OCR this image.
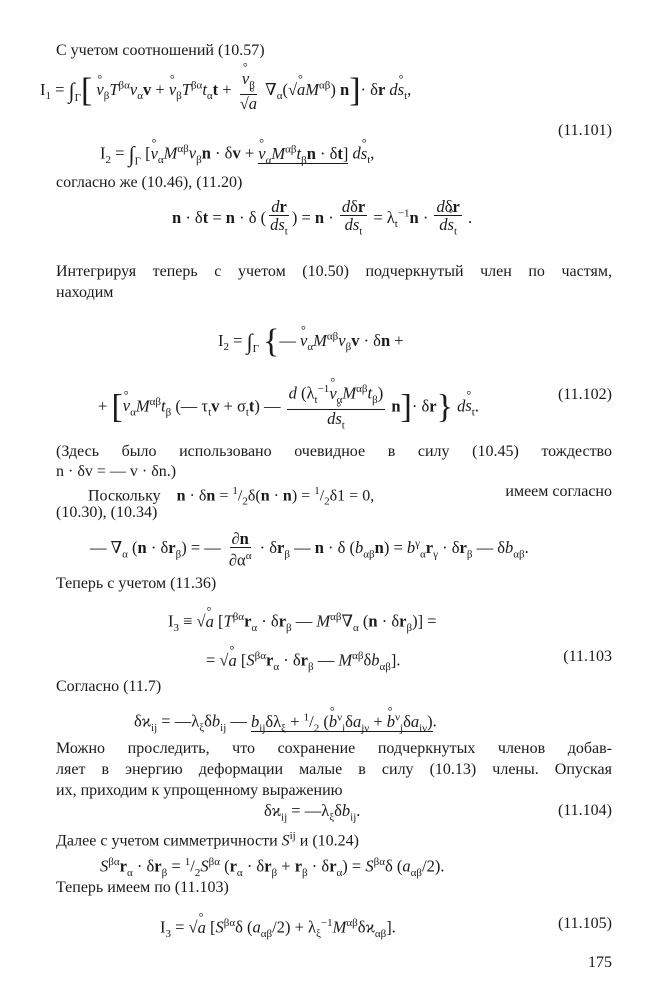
С учетом соотношений (10.57)
$I_1 = \int_\Gamma$[ ° $v_\beta T^{\beta\alpha}v_\alpha v$ + ° $v_\beta T^{\beta\alpha}t_\alpha t$ + ° $\frac{v_\beta}{√^\circ a} \nabla_\alpha(√^\circ$ $aM^{\alpha\beta}$) n]· δr d° $s_t$,
$I_2 = \int_\Gamma$ [° $v_\alpha M^{\alpha\beta}v_\beta n \cdot \delta v$ + ° $v_\alpha M^{\alpha\beta}t_\beta n \cdot \delta t$] d° $s_t$,
(11.101)
согласно же (10.46), (11.20)
n · δt = n · δ ( $\frac{dr}{ds_t}$ ) = $n \cdot \frac{\text{dδr}}{ds_t} = \lambda_t^{-1}n \cdot \frac{\text{dδr}}{d^\circ s_t}$ .
Интегрируя теперь с учетом (10.50) подчеркнутый член по частям,
находим
$I_2 = \int_\Gamma$ {— ° $v_\alpha M^{\alpha\beta}v_\beta v \cdot \delta n$ +
+ [° $v_\alpha M^{\alpha\beta}t_\beta$ (— $\tau_tv + \sigma_tt$) — $\frac{d (\lambda_t^{-1}^\circ v_\alpha M^{\alpha\beta}t_\beta)}{d^\circ s_t} n]\cdot \delta r$} d° $s_t$.
(11.102)
(Здесь было использовано очевидное в силу (10.45) тождество
n · δv = — v · δn.)
Поскольку $n \cdot \delta n = ^1/_2\delta(n \cdot n) = ^1/_2\delta 1 = 0$,	имеем согласно
(10.30), (10.34)
— $\nabla_\alpha$ $(n \cdot \delta r_\beta)$ = — $\frac{\partial n}{\partial\alpha^\alpha} \cdot \delta r_\beta$ — n · δ $(b_{\alpha\beta}n) = b^\gamma_\alpha r_\gamma \cdot \delta r_\beta$ — $\delta b_{\alpha\beta}$.
Теперь с учетом (11.36)
$I_3$ ≡ √° a [$T^{\beta\alpha}r_\alpha \cdot \delta r_\beta$ — $M^{\alpha\beta}\nabla_\alpha$ $(n \cdot \delta r_\beta)$] =
= √° a [$S^{\beta\alpha}r_\alpha \cdot \delta r_\beta$ — $M^{\alpha\beta}\delta b_{\alpha\beta}$].	(11.103
Согласно (11.7)
$\delta ϰ_{ij}$ = $—\lambda_\xi\delta b_{ij}$ — $b_{ij}\delta\lambda_\xi + ^1/_2$ (° $b^\nu_i\delta a_{j\nu}$ + ° $b^\nu_j\delta a_{i\nu}$).
Можно проследить, что сохранение подчеркнутых членов добав-
ляет в энергию деформации малые в силу (10.13) члены. Опуская
их, приходим к упрощенному выражению
$\delta ϰ_{ij}$ = $—\lambda_\xi\delta b_{ij}$.	(11.104)
Далее с учетом симметричности $S^{ij}$ и (10.24)
$S^{\beta\alpha}r_\alpha \cdot \delta r_\beta = ^1/_2S^{\beta\alpha}$ $(r_\alpha \cdot \delta r_\beta + r_\beta \cdot \delta r_\alpha) = S^{\beta\alpha}\delta$ $(a_{\alpha\beta}/2)$.
Теперь имеем по (11.103)
$I_3$ = √° a [$S^{\beta\alpha}\delta$ $(a_{\alpha\beta}/2) + \lambda_\xi^{-1}M^{\alpha\beta}\delta ϰ_{\alpha\beta}$].	(11.105)
175
